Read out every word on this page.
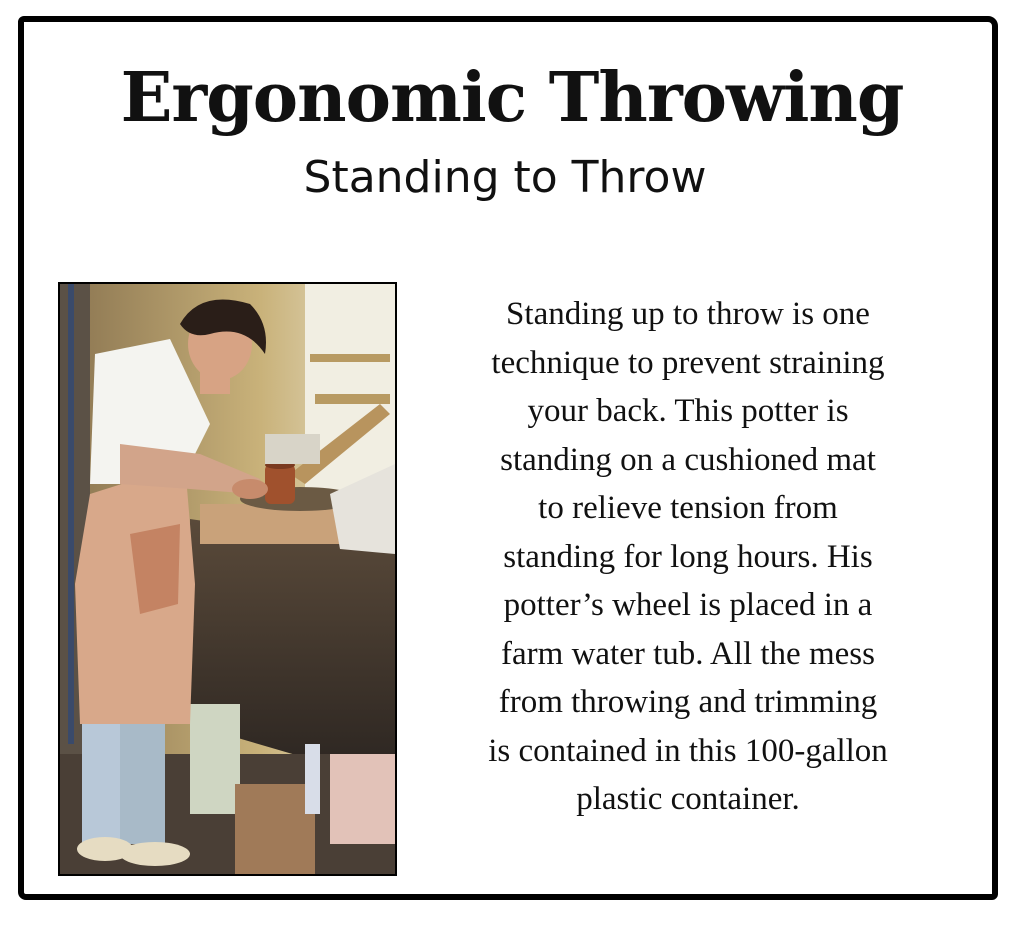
Ergonomic Throwing
Standing to Throw
Standing up to throw is one
technique to prevent straining
your back. This potter is
standing on a cushioned mat
to relieve tension from
standing for long hours. His
potter’s wheel is placed in a
farm water tub. All the mess
from throwing and trimming
is contained in this 100-gallon
plastic container.
